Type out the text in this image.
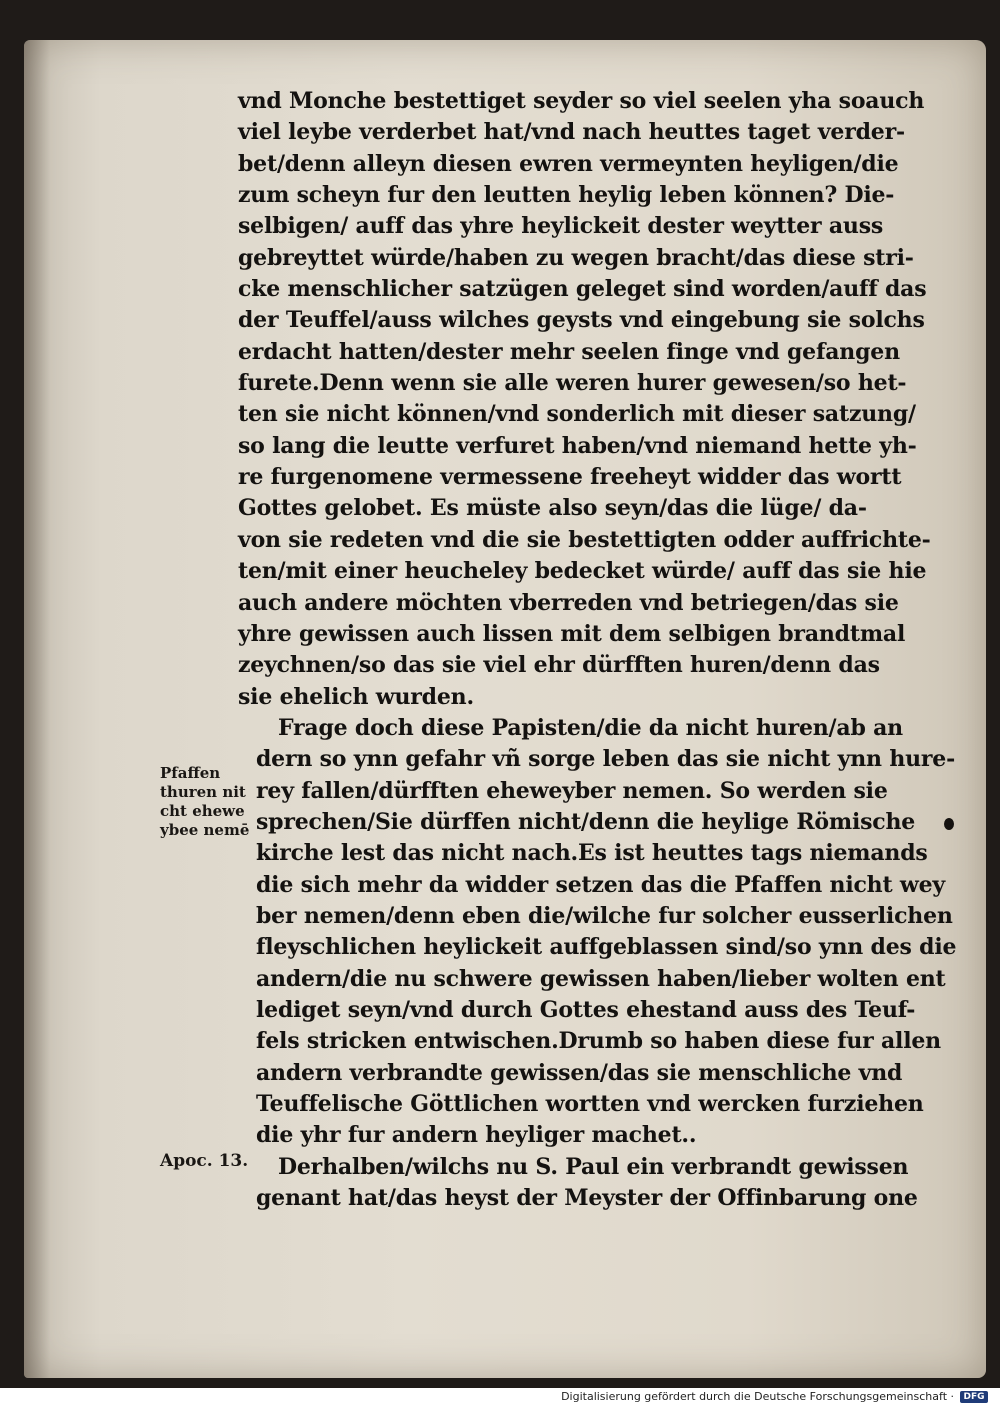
vnd Monche bestettiget seyder so viel seelen yha soauch
viel leybe verderbet hat/vnd nach heuttes taget verder-
bet/denn alleyn diesen ewren vermeynten heyligen/die
zum scheyn fur den leutten heylig leben können? Die-
selbigen/ auff das yhre heylickeit dester weytter auss
gebreyttet würde/haben zu wegen bracht/das diese stri-
cke menschlicher satzügen geleget sind worden/auff das
der Teuffel/auss wilches geysts vnd eingebung sie solchs
erdacht hatten/dester mehr seelen finge vnd gefangen
furete.Denn wenn sie alle weren hurer gewesen/so het-
ten sie nicht können/vnd sonderlich mit dieser satzung/
so lang die leutte verfuret haben/vnd niemand hette yh-
re furgenomene vermessene freeheyt widder das wortt
Gottes gelobet. Es müste also seyn/das die lüge/ da-
von sie redeten vnd die sie bestettigten odder auffrichte-
ten/mit einer heucheley bedecket würde/ auff das sie hie
auch andere möchten vberreden vnd betriegen/das sie
yhre gewissen auch lissen mit dem selbigen brandtmal
zeychnen/so das sie viel ehr dürfften huren/denn das
sie ehelich wurden.
Frage doch diese Papisten/die da nicht huren/ab an
dern so ynn gefahr vñ sorge leben das sie nicht ynn hure-
rey fallen/dürfften eheweyber nemen. So werden sie
sprechen/Sie dürffen nicht/denn die heylige Römische
kirche lest das nicht nach.Es ist heuttes tags niemands
die sich mehr da widder setzen das die Pfaffen nicht wey
ber nemen/denn eben die/wilche fur solcher eusserlichen
fleyschlichen heylickeit auffgeblassen sind/so ynn des die
andern/die nu schwere gewissen haben/lieber wolten ent
lediget seyn/vnd durch Gottes ehestand auss des Teuf-
fels stricken entwischen.Drumb so haben diese fur allen
andern verbrandte gewissen/das sie menschliche vnd
Teuffelische Göttlichen wortten vnd wercken furziehen
die yhr fur andern heyliger machet..
Derhalben/wilchs nu S. Paul ein verbrandt gewissen
genant hat/das heyst der Meyster der Offinbarung one
Pfaffen
thuren nit
cht ehewe
ybee nemē
Apoc. 13.
Digitalisierung gefördert durch die Deutsche Forschungsgemeinschaft ·	DFG
